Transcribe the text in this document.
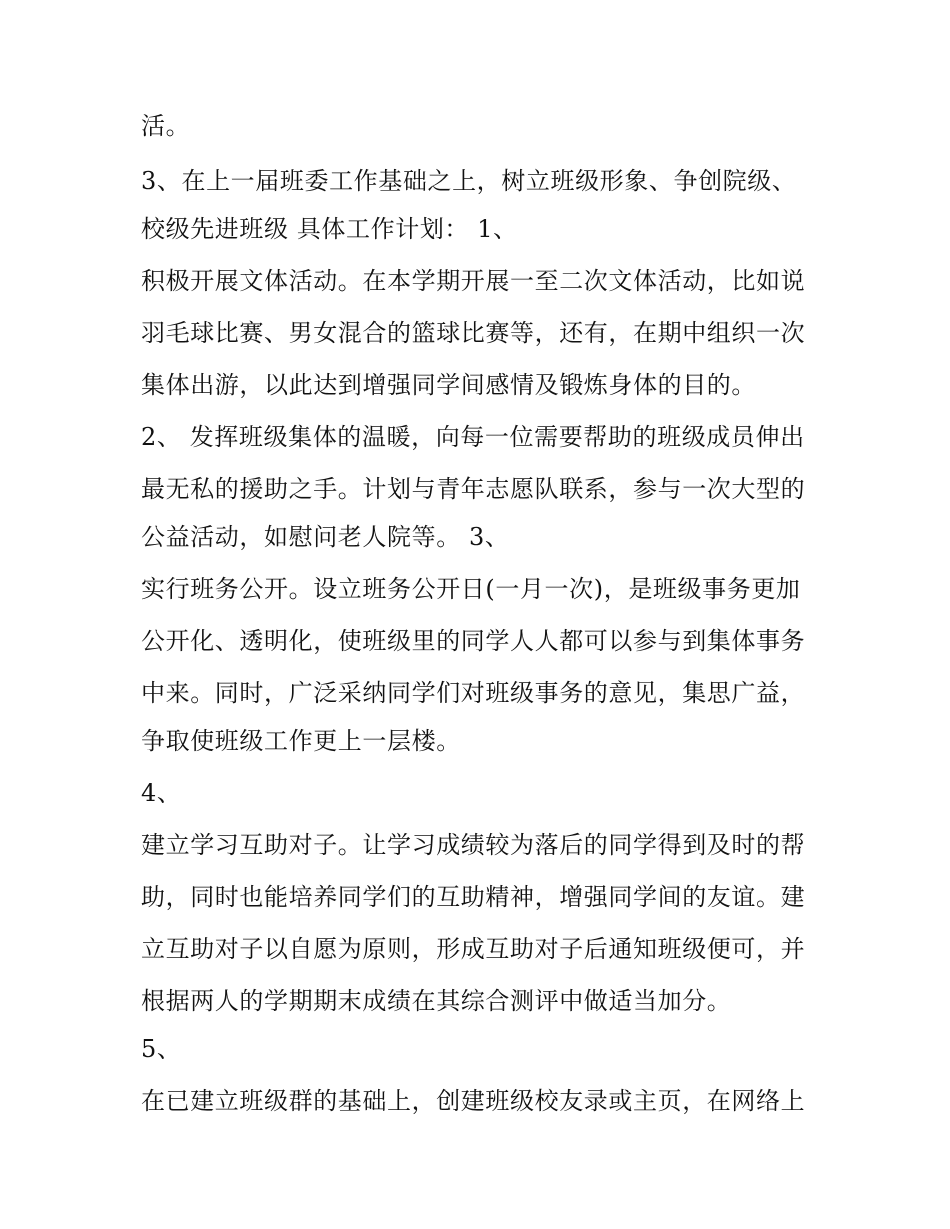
活。
3、在上一届班委工作基础之上，树立班级形象、争创院级、
校级先进班级 具体工作计划： 1、
积极开展文体活动。在本学期开展一至二次文体活动，比如说
羽毛球比赛、男女混合的篮球比赛等，还有，在期中组织一次
集体出游，以此达到增强同学间感情及锻炼身体的目的。
2、 发挥班级集体的温暖，向每一位需要帮助的班级成员伸出
最无私的援助之手。计划与青年志愿队联系，参与一次大型的
公益活动，如慰问老人院等。 3、
实行班务公开。设立班务公开日(一月一次)，是班级事务更加
公开化、透明化，使班级里的同学人人都可以参与到集体事务
中来。同时，广泛采纳同学们对班级事务的意见，集思广益，
争取使班级工作更上一层楼。
4、
建立学习互助对子。让学习成绩较为落后的同学得到及时的帮
助，同时也能培养同学们的互助精神，增强同学间的友谊。建
立互助对子以自愿为原则，形成互助对子后通知班级便可，并
根据两人的学期期末成绩在其综合测评中做适当加分。
5、
在已建立班级群的基础上，创建班级校友录或主页，在网络上
